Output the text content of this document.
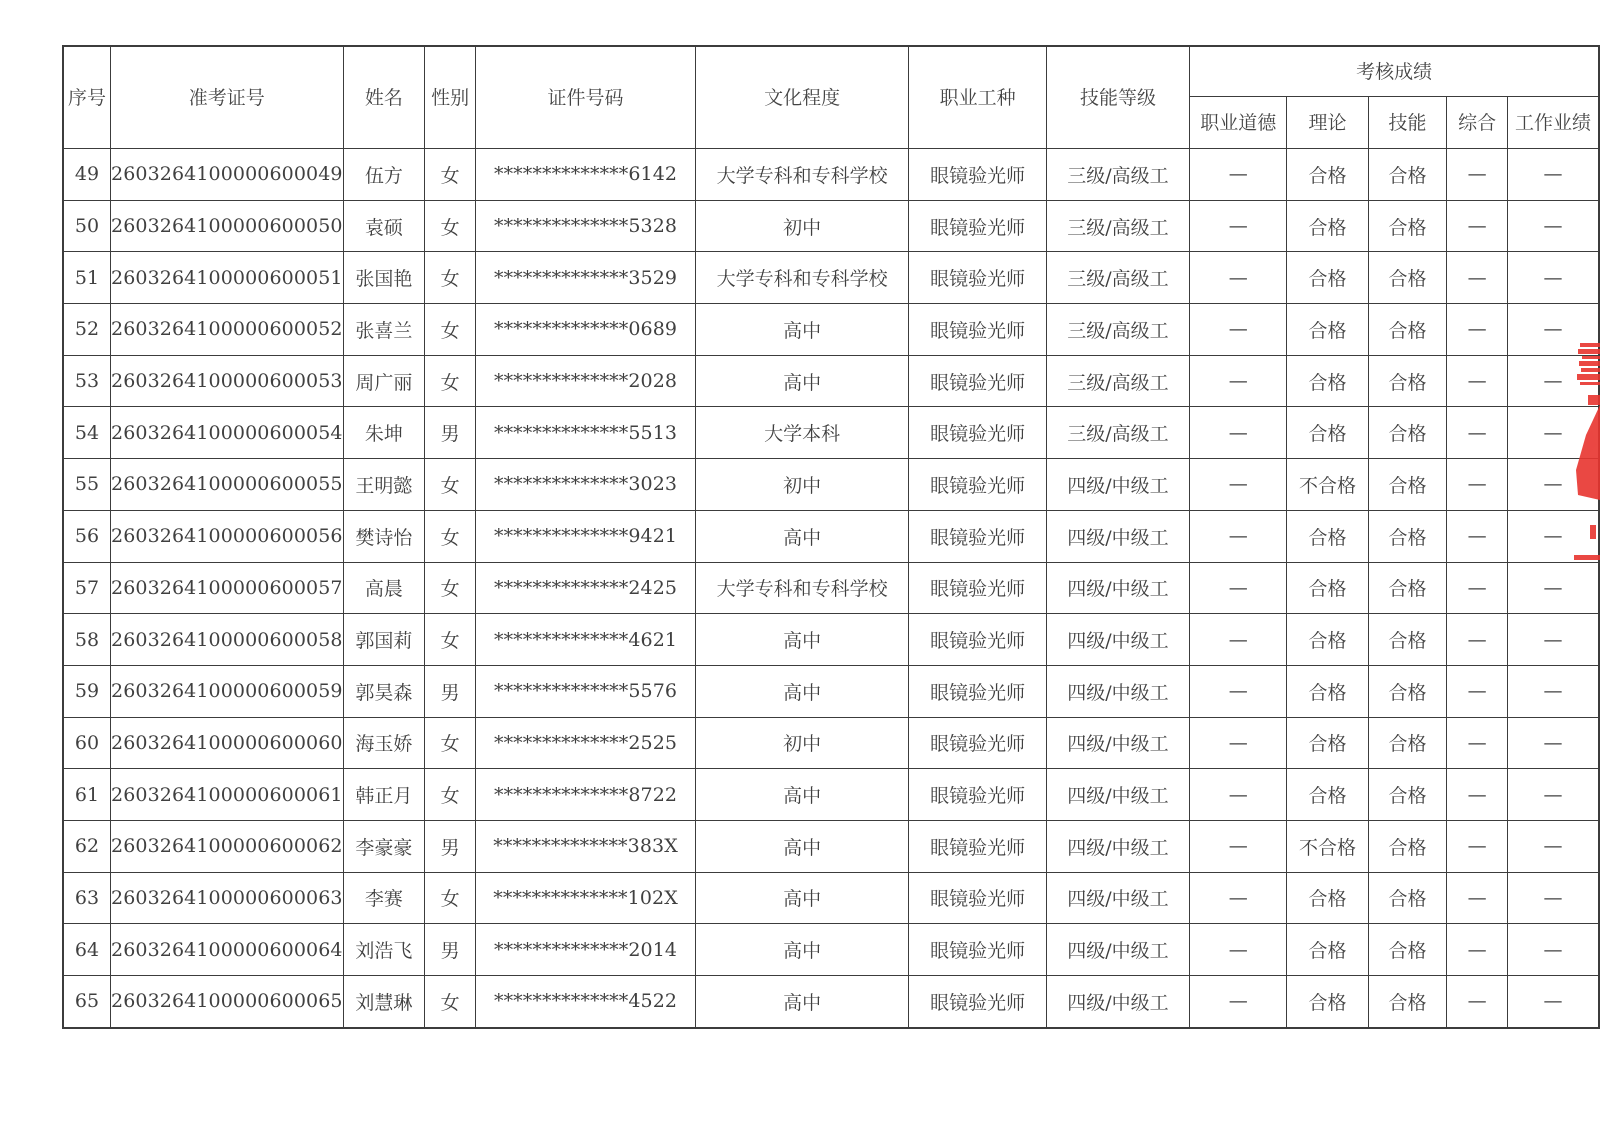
序号	准考证号	姓名	性别	证件号码	文化程度	职业工种	技能等级	考核成绩				
								职业道德	理论	技能	综合	工作业绩
49	2603264100000600049	伍方	女	**************6142	大学专科和专科学校	眼镜验光师	三级/高级工	—	合格	合格	—	—
50	2603264100000600050	袁硕	女	**************5328	初中	眼镜验光师	三级/高级工	—	合格	合格	—	—
51	2603264100000600051	张国艳	女	**************3529	大学专科和专科学校	眼镜验光师	三级/高级工	—	合格	合格	—	—
52	2603264100000600052	张喜兰	女	**************0689	高中	眼镜验光师	三级/高级工	—	合格	合格	—	—
53	2603264100000600053	周广丽	女	**************2028	高中	眼镜验光师	三级/高级工	—	合格	合格	—	—
54	2603264100000600054	朱坤	男	**************5513	大学本科	眼镜验光师	三级/高级工	—	合格	合格	—	—
55	2603264100000600055	王明懿	女	**************3023	初中	眼镜验光师	四级/中级工	—	不合格	合格	—	—
56	2603264100000600056	樊诗怡	女	**************9421	高中	眼镜验光师	四级/中级工	—	合格	合格	—	—
57	2603264100000600057	高晨	女	**************2425	大学专科和专科学校	眼镜验光师	四级/中级工	—	合格	合格	—	—
58	2603264100000600058	郭国莉	女	**************4621	高中	眼镜验光师	四级/中级工	—	合格	合格	—	—
59	2603264100000600059	郭昊森	男	**************5576	高中	眼镜验光师	四级/中级工	—	合格	合格	—	—
60	2603264100000600060	海玉娇	女	**************2525	初中	眼镜验光师	四级/中级工	—	合格	合格	—	—
61	2603264100000600061	韩正月	女	**************8722	高中	眼镜验光师	四级/中级工	—	合格	合格	—	—
62	2603264100000600062	李豪豪	男	**************383X	高中	眼镜验光师	四级/中级工	—	不合格	合格	—	—
63	2603264100000600063	李赛	女	**************102X	高中	眼镜验光师	四级/中级工	—	合格	合格	—	—
64	2603264100000600064	刘浩飞	男	**************2014	高中	眼镜验光师	四级/中级工	—	合格	合格	—	—
65	2603264100000600065	刘慧琳	女	**************4522	高中	眼镜验光师	四级/中级工	—	合格	合格	—	—
